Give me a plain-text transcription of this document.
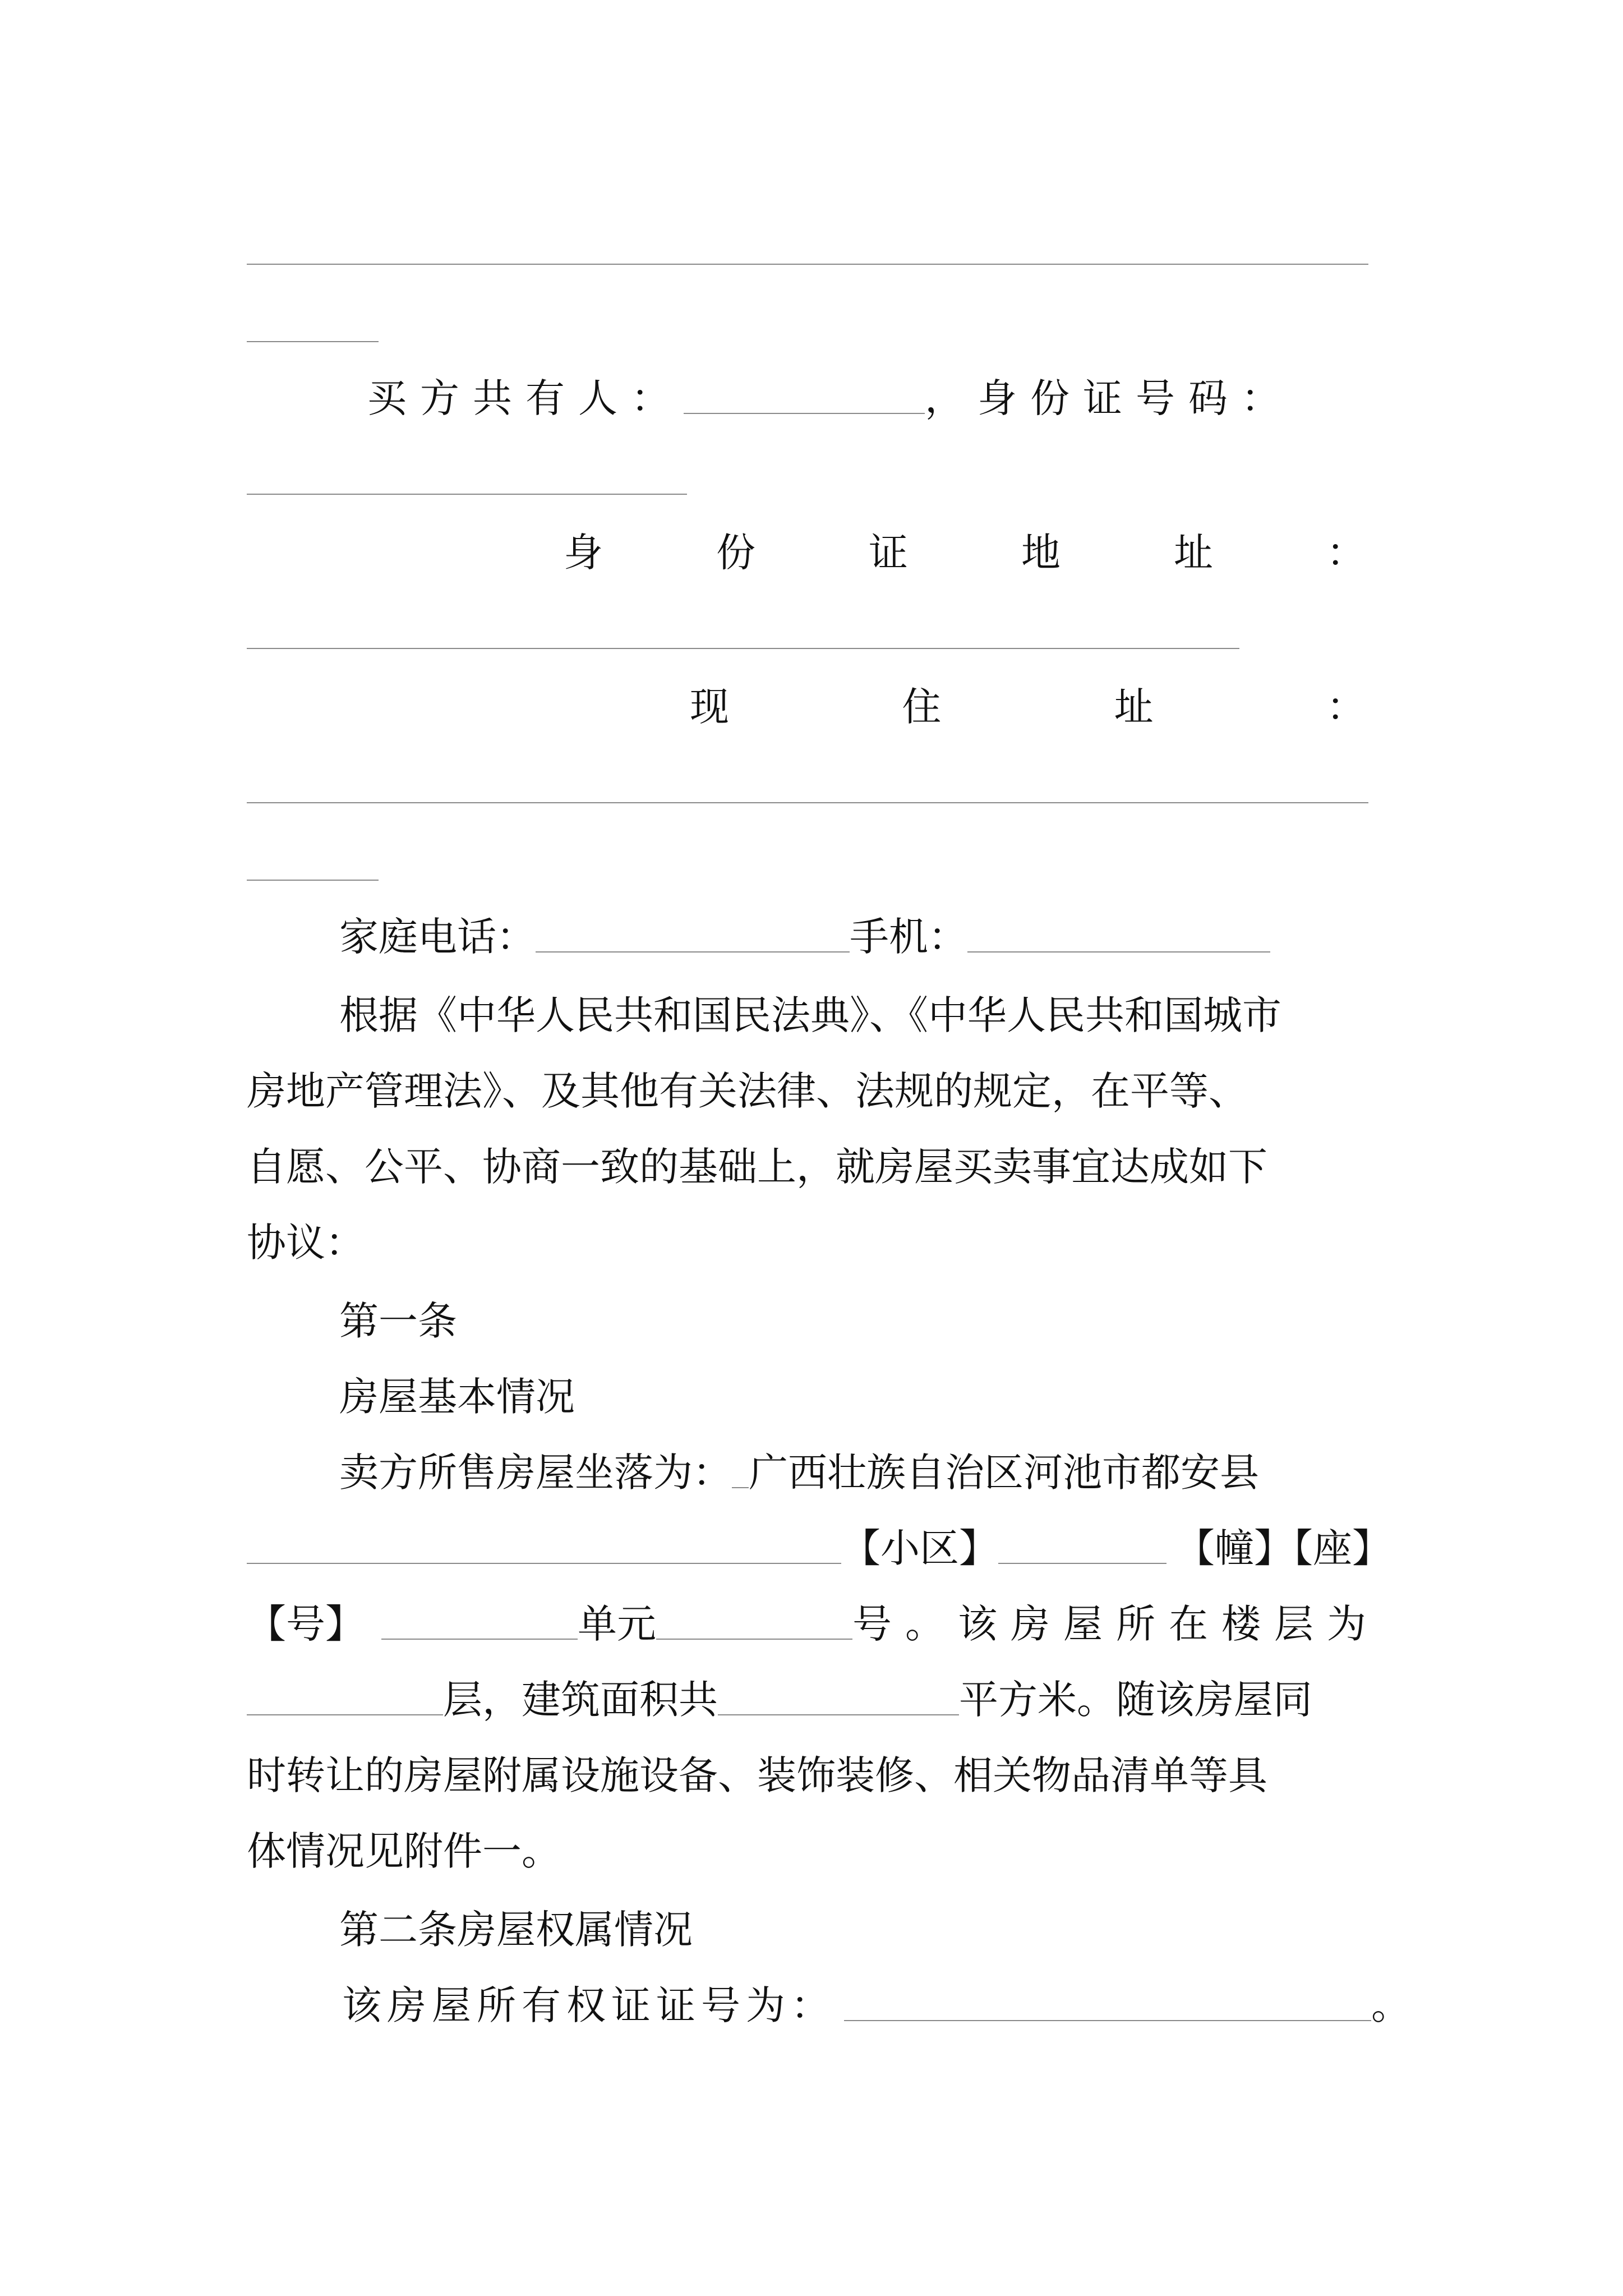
买方共有人：	，身份证号码：
身	份	证	地	址	：
现	住	址	：
家庭电话：	手机：
根据《中华人民共和国民法典》、《中华人民共和国城市
房地产管理法》、及其他有关法律、法规的规定，在平等、
自愿、公平、协商一致的基础上，就房屋买卖事宜达成如下
协议：
第一条
房屋基本情况
卖方所售房屋坐落为： 广西壮族自治区河池市都安县
【小区】	【幢】【座】
【号】	单元	号。该房屋所在楼层为
层，建筑面积共	平方米。随该房屋同
时转让的房屋附属设施设备、装饰装修、相关物品清单等具
体情况见附件一。
第二条房屋权属情况
该房屋所有权证证号为：	。
